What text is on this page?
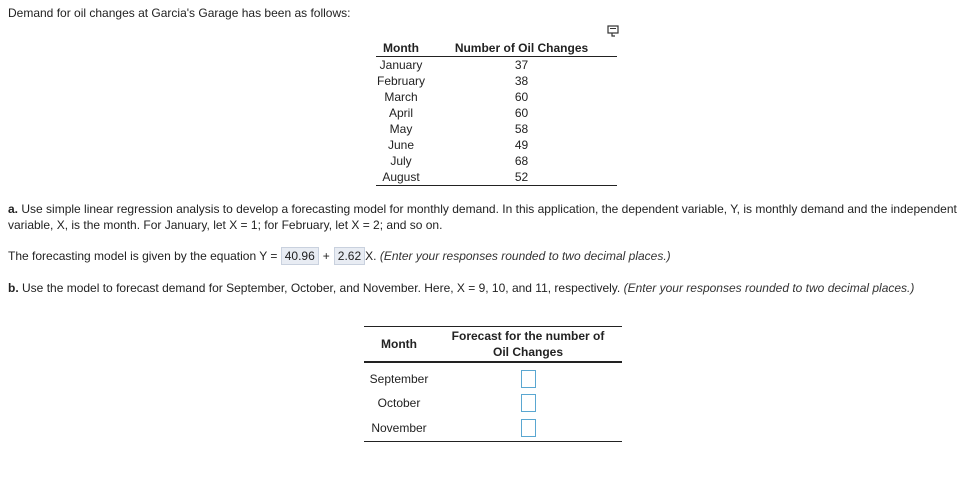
Demand for oil changes at Garcia's Garage has been as follows:
Month	Number of Oil Changes
January	37
February	38
March	60
April	60
May	58
June	49
July	68
August	52
a. Use simple linear regression analysis to develop a forecasting model for monthly demand. In this application, the dependent variable, Y, is monthly demand and the independent variable, X, is the month. For January, let X = 1; for February, let X = 2; and so on.
The forecasting model is given by the equation Y =
40.96 + 2.62 X.
(Enter your responses rounded to two decimal places.)
b. Use the model to forecast demand for September, October, and November. Here, X = 9, 10, and 11, respectively. (Enter your responses rounded to two decimal places.)
Month	Forecast for the number of
Oil Changes

September	
October	
November	
